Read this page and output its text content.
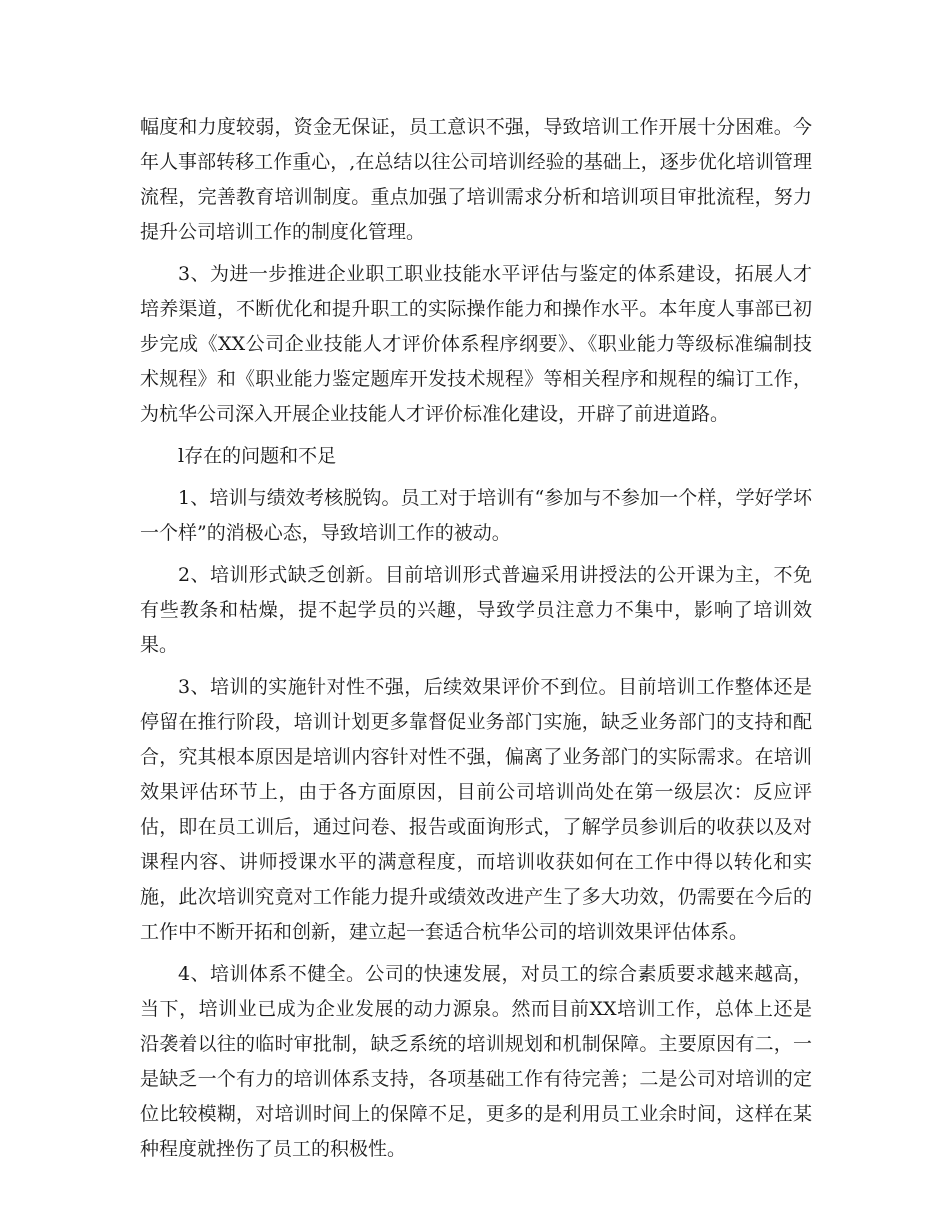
幅度和力度较弱，资金无保证，员工意识不强，导致培训工作开展十分困难。今年人事部转移工作重心，,在总结以往公司培训经验的基础上，逐步优化培训管理流程，完善教育培训制度。重点加强了培训需求分析和培训项目审批流程，努力提升公司培训工作的制度化管理。

3、为进一步推进企业职工职业技能水平评估与鉴定的体系建设，拓展人才培养渠道，不断优化和提升职工的实际操作能力和操作水平。本年度人事部已初步完成《XX公司企业技能人才评价体系程序纲要》、《职业能力等级标准编制技术规程》和《职业能力鉴定题库开发技术规程》等相关程序和规程的编订工作，为杭华公司深入开展企业技能人才评价标准化建设，开辟了前进道路。

l存在的问题和不足

1、培训与绩效考核脱钩。员工对于培训有“参加与不参加一个样，学好学坏一个样”的消极心态，导致培训工作的被动。

2、培训形式缺乏创新。目前培训形式普遍采用讲授法的公开课为主，不免有些教条和枯燥，提不起学员的兴趣，导致学员注意力不集中，影响了培训效果。

3、培训的实施针对性不强，后续效果评价不到位。目前培训工作整体还是停留在推行阶段，培训计划更多靠督促业务部门实施，缺乏业务部门的支持和配合，究其根本原因是培训内容针对性不强，偏离了业务部门的实际需求。在培训效果评估环节上，由于各方面原因，目前公司培训尚处在第一级层次：反应评估，即在员工训后，通过问卷、报告或面询形式，了解学员参训后的收获以及对课程内容、讲师授课水平的满意程度，而培训收获如何在工作中得以转化和实施，此次培训究竟对工作能力提升或绩效改进产生了多大功效，仍需要在今后的工作中不断开拓和创新，建立起一套适合杭华公司的培训效果评估体系。

4、培训体系不健全。公司的快速发展，对员工的综合素质要求越来越高，当下，培训业已成为企业发展的动力源泉。然而目前XX培训工作，总体上还是沿袭着以往的临时审批制，缺乏系统的培训规划和机制保障。主要原因有二，一是缺乏一个有力的培训体系支持，各项基础工作有待完善；二是公司对培训的定位比较模糊，对培训时间上的保障不足，更多的是利用员工业余时间，这样在某种程度就挫伤了员工的积极性。
